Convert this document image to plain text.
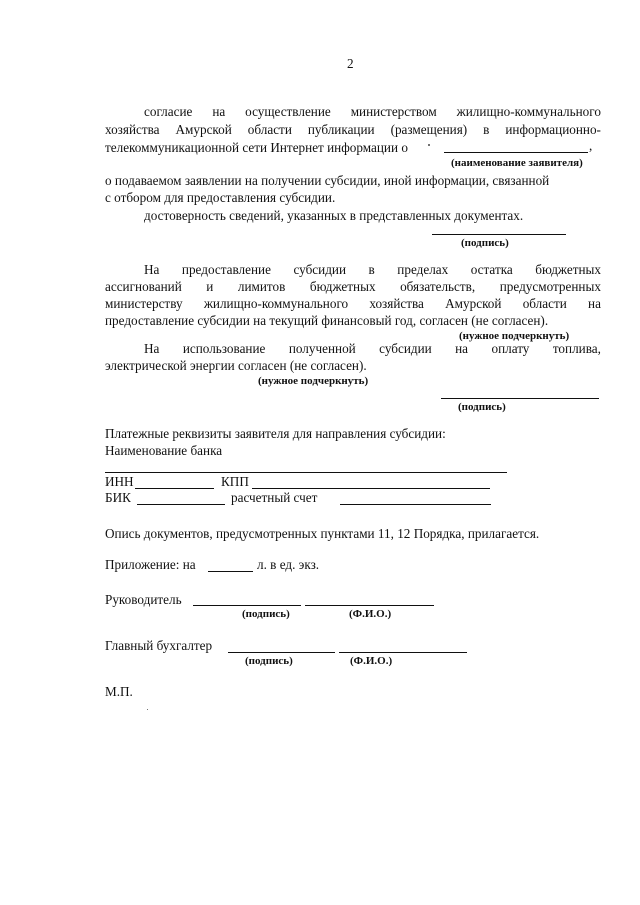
2
согласие на осуществление министерством жилищно-коммунального
хозяйства Амурской области публикации (размещения) в информационно-
телекоммуникационной сети Интернет информации о	,
(наименование заявителя)
о подаваемом заявлении на получении субсидии, иной информации, связанной
с отбором для предоставления субсидии.
достоверность сведений, указанных в представленных документах.
(подпись)
На предоставление субсидии в пределах остатка бюджетных
ассигнований и лимитов бюджетных обязательств, предусмотренных
министерству жилищно-коммунального хозяйства Амурской области на
предоставление субсидии на текущий финансовый год, согласен (не согласен).
(нужное подчеркнуть)
На использование полученной субсидии на оплату топлива,
электрической энергии согласен (не согласен).
(нужное подчеркнуть)
(подпись)
Платежные реквизиты заявителя для направления субсидии:
Наименование банка
ИНН	КПП
БИК	расчетный счет
Опись документов, предусмотренных пунктами 11, 12 Порядка, прилагается.
Приложение: на	л. в ед. экз.
Руководитель
(подпись)	(Ф.И.О.)
Главный бухгалтер
(подпись)	(Ф.И.О.)
М.П.
